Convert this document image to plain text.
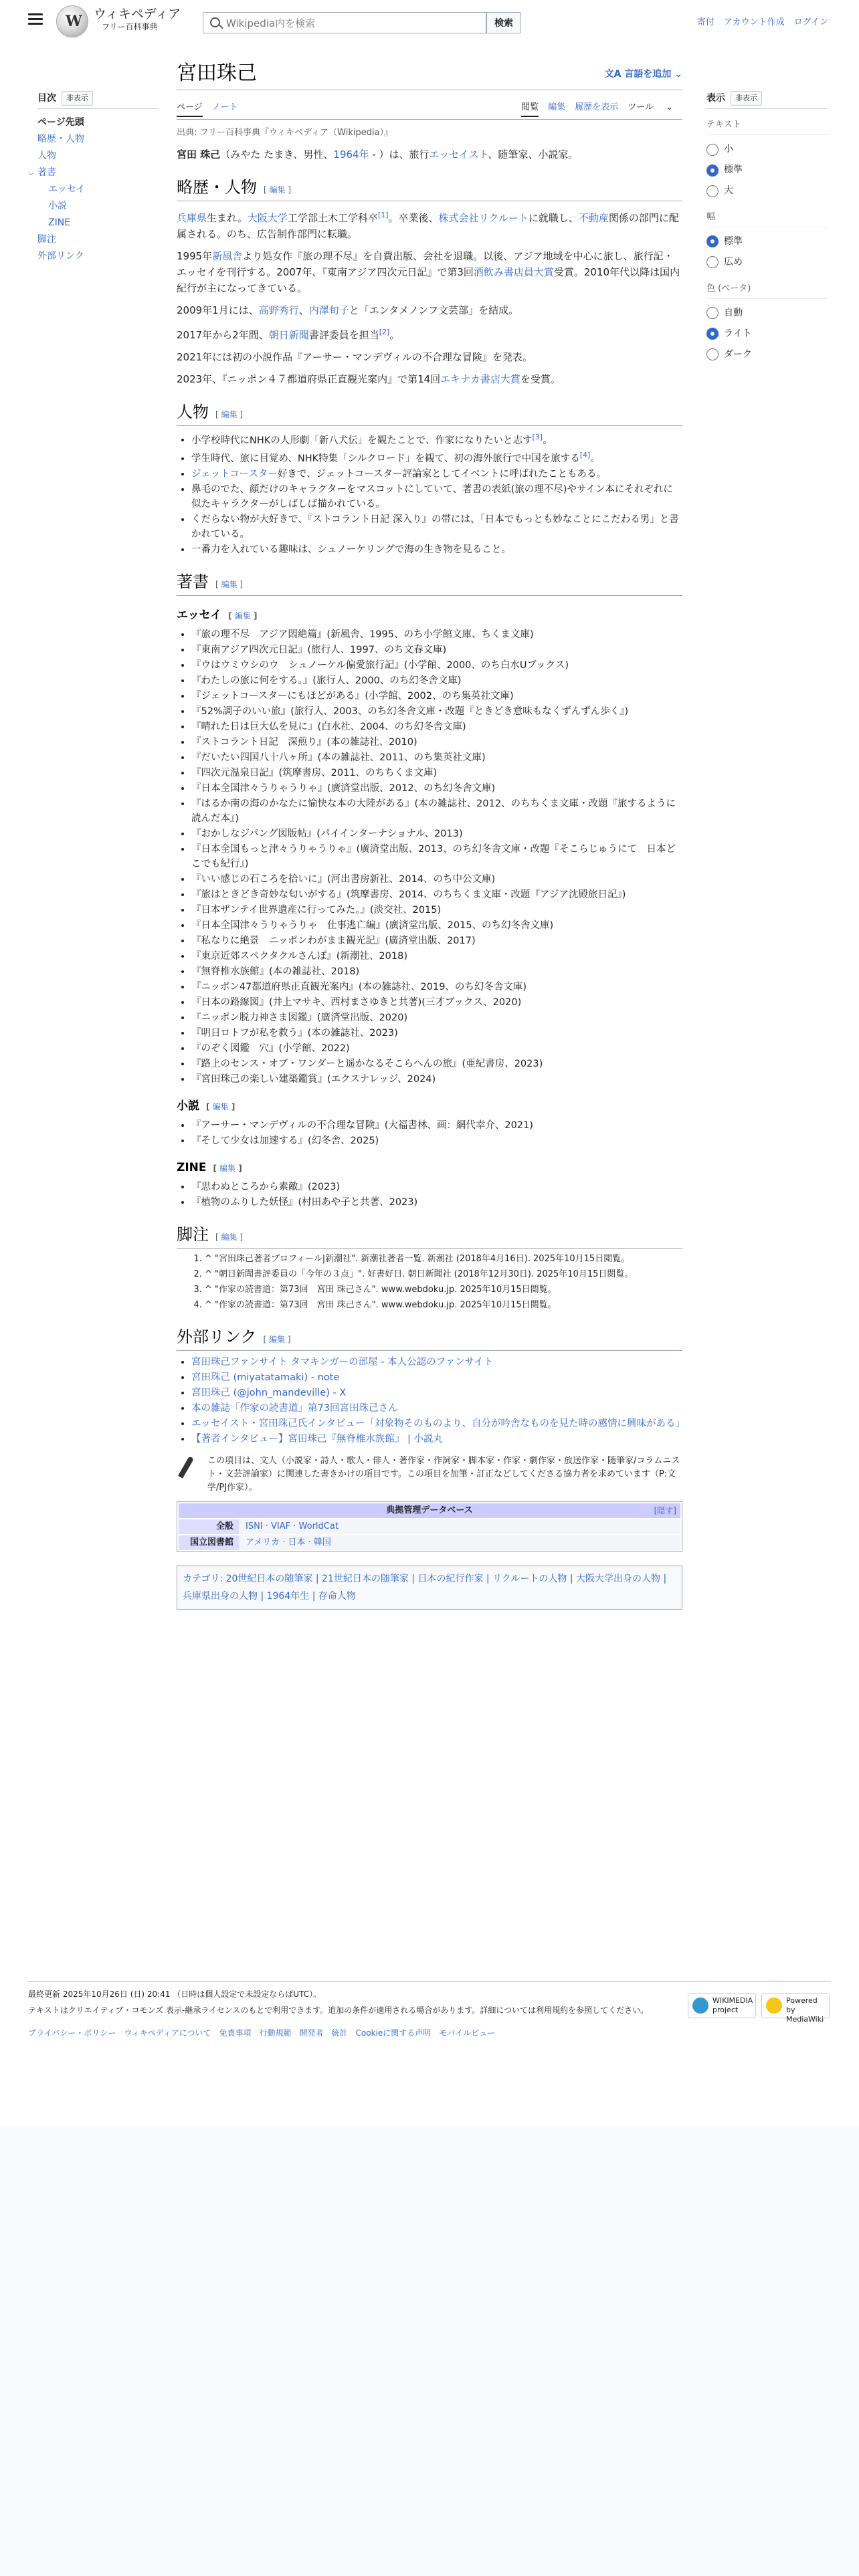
W ウィキペディア
フリー百科事典
Wikipedia内を検索	検索	寄付 アカウント作成 ログイン
目次	非表示
ページ先頭
略歴・人物
人物
⌵ 著書
エッセイ
小説
ZINE
脚注
外部リンク
表示	非表示
テキスト
小
標準
大
幅
標準
広め
色 (ベータ)
自動
ライト
ダーク
宮田珠己	文A 言語を追加 ⌄
ページ ノート	閲覧 編集 履歴を表示 ツール ⌄
出典: フリー百科事典『ウィキペディア（Wikipedia）』

宮田 珠己（みやた たまき、男性、1964年 - ）は、旅行エッセイスト、随筆家、小説家。

略歴・人物 [ 編集 ]

兵庫県生まれ。大阪大学工学部土木工学科卒[1]。卒業後、株式会社リクルートに就職し、不動産関係の部門に配属される。のち、広告制作部門に転職。

1995年新風舎より処女作『旅の理不尽』を自費出版、会社を退職。以後、アジア地域を中心に旅し、旅行記・エッセイを刊行する。2007年、『東南アジア四次元日記』で第3回酒飲み書店員大賞受賞。2010年代以降は国内紀行が主になってきている。

2009年1月には、高野秀行、内澤旬子と「エンタメノンフ文芸部」を結成。

2017年から2年間、朝日新聞書評委員を担当[2]。

2021年には初の小説作品『アーサー・マンデヴィルの不合理な冒険』を発表。

2023年、『ニッポン４７都道府県正直観光案内』で第14回エキナカ書店大賞を受賞。

人物 [ 編集 ]
• 小学校時代にNHKの人形劇「新八犬伝」を観たことで、作家になりたいと志す[3]。
• 学生時代、旅に目覚め、NHK特集「シルクロード」を観て、初の海外旅行で中国を旅する[4]。
• ジェットコースター好きで、ジェットコースター評論家としてイベントに呼ばれたこともある。
• 鼻毛のでた、顔だけのキャラクターをマスコットにしていて、著書の表紙(旅の理不尽)やサイン本にそれぞれに似たキャラクターがしばしば描かれている。
• くだらない物が大好きで、『ストコラント日記 深入り』の帯には、「日本でもっとも妙なことにこだわる男」と書かれている。
• 一番力を入れている趣味は、シュノーケリングで海の生き物を見ること。
著書 [ 編集 ]
エッセイ [ 編集 ]
• 『旅の理不尽　アジア悶絶篇』(新風舎、1995、のち小学館文庫、ちくま文庫)
• 『東南アジア四次元日記』(旅行人、1997、のち文春文庫)
• 『ウはウミウシのウ　シュノーケル偏愛旅行記』(小学館、2000、のち白水Uブックス)
• 『わたしの旅に何をする。』(旅行人、2000、のち幻冬舎文庫)
• 『ジェットコースターにもほどがある』(小学館、2002、のち集英社文庫)
• 『52%調子のいい旅』(旅行人、2003、のち幻冬舎文庫・改題『ときどき意味もなくずんずん歩く』)
• 『晴れた日は巨大仏を見に』(白水社、2004、のち幻冬舎文庫)
• 『ストコラント日記　深煎り』(本の雑誌社、2010)
• 『だいたい四国八十八ヶ所』(本の雑誌社、2011、のち集英社文庫)
• 『四次元温泉日記』(筑摩書房、2011、のちちくま文庫)
• 『日本全国津々うりゃうりゃ』(廣済堂出版、2012、のち幻冬舎文庫)
• 『はるか南の海のかなたに愉快な本の大陸がある』(本の雑誌社、2012、のちちくま文庫・改題『旅するように読んだ本』)
• 『おかしなジパング図版帖』(パイインターナショナル、2013)
• 『日本全国もっと津々うりゃうりゃ』(廣済堂出版、2013、のち幻冬舎文庫・改題『そこらじゅうにて　日本どこでも紀行』)
• 『いい感じの石ころを拾いに』(河出書房新社、2014、のち中公文庫)
• 『旅はときどき奇妙な匂いがする』(筑摩書房、2014、のちちくま文庫・改題『アジア沈殿旅日記』)
• 『日本ザンテイ世界遺産に行ってみた。』(淡交社、2015)
• 『日本全国津々うりゃうりゃ　仕事逃亡編』(廣済堂出版、2015、のち幻冬舎文庫)
• 『私なりに絶景　ニッポンわがまま観光記』(廣済堂出版、2017)
• 『東京近郊スペクタクルさんぽ』(新潮社、2018)
• 『無脊椎水族館』(本の雑誌社、2018)
• 『ニッポン47都道府県正直観光案内』(本の雑誌社、2019、のち幻冬舎文庫)
• 『日本の路線図』(井上マサキ、西村まさゆきと共著)(三才ブックス、2020)
• 『ニッポン脱力神さま図鑑』(廣済堂出版、2020)
• 『明日ロトフが私を救う』(本の雑誌社、2023)
• 『のぞく図鑑　穴』(小学館、2022)
• 『路上のセンス・オブ・ワンダーと遥かなるそこらへんの旅』(亜紀書房、2023)
• 『宮田珠己の楽しい建築鑑賞』(エクスナレッジ、2024)
小説 [ 編集 ]
• 『アーサー・マンデヴィルの不合理な冒険』(大福書林、画：網代幸介、2021)
• 『そして少女は加速する』(幻冬舎、2025)
ZINE [ 編集 ]
• 『思わぬところから素敵』(2023)
• 『植物のふりした妖怪』(村田あや子と共著、2023)
脚注 [ 編集 ]
1. ^ "宮田珠己著者プロフィール|新潮社". 新潮社著者一覧. 新潮社 (2018年4月16日). 2025年10月15日閲覧。
2. ^ "朝日新聞書評委員の「今年の３点」". 好書好日. 朝日新聞社 (2018年12月30日). 2025年10月15日閲覧。
3. ^ "作家の読書道：第73回　宮田 珠己さん". www.webdoku.jp. 2025年10月15日閲覧。
4. ^ "作家の読書道：第73回　宮田 珠己さん". www.webdoku.jp. 2025年10月15日閲覧。
外部リンク [ 編集 ]
• 宮田珠己ファンサイト タマキンガーの部屋 - 本人公認のファンサイト
• 宮田珠己 (miyatatamaki) - note
• 宮田珠己 (@john_mandeville) - X
• 本の雑誌「作家の読書道」第73回宮田珠己さん
• エッセイスト・宮田珠己氏インタビュー「対象物そのものより、自分が吟舎なものを見た時の感情に興味がある」
• 【著者インタビュー】宮田珠己『無脊椎水族館』 | 小説丸
この項目は、文人（小説家・詩人・歌人・俳人・著作家・作詞家・脚本家・作家・劇作家・放送作家・随筆家/コラムニスト・文芸評論家）に関連した書きかけの項目です。この項目を加筆・訂正などしてくださる協力者を求めています（P:文学/PJ作家）。
典拠管理データベース	[隠す]
全般	ISNI · VIAF · WorldCat
国立図書館	アメリカ · 日本 · 韓国
カテゴリ: 20世紀日本の随筆家 | 21世紀日本の随筆家 | 日本の紀行作家 | リクルートの人物 | 大阪大学出身の人物 | 兵庫県出身の人物 | 1964年生 | 存命人物
最終更新 2025年10月26日 (日) 20:41 （日時は個人設定で未設定ならばUTC）。
テキストはクリエイティブ・コモンズ 表示-継承ライセンスのもとで利用できます。追加の条件が適用される場合があります。詳細については利用規約を参照してください。
プライバシー・ポリシー ウィキペディアについて 免責事項 行動規範 開発者 統計 Cookieに関する声明 モバイルビュー
WIKIMEDIA project
Powered by MediaWiki
